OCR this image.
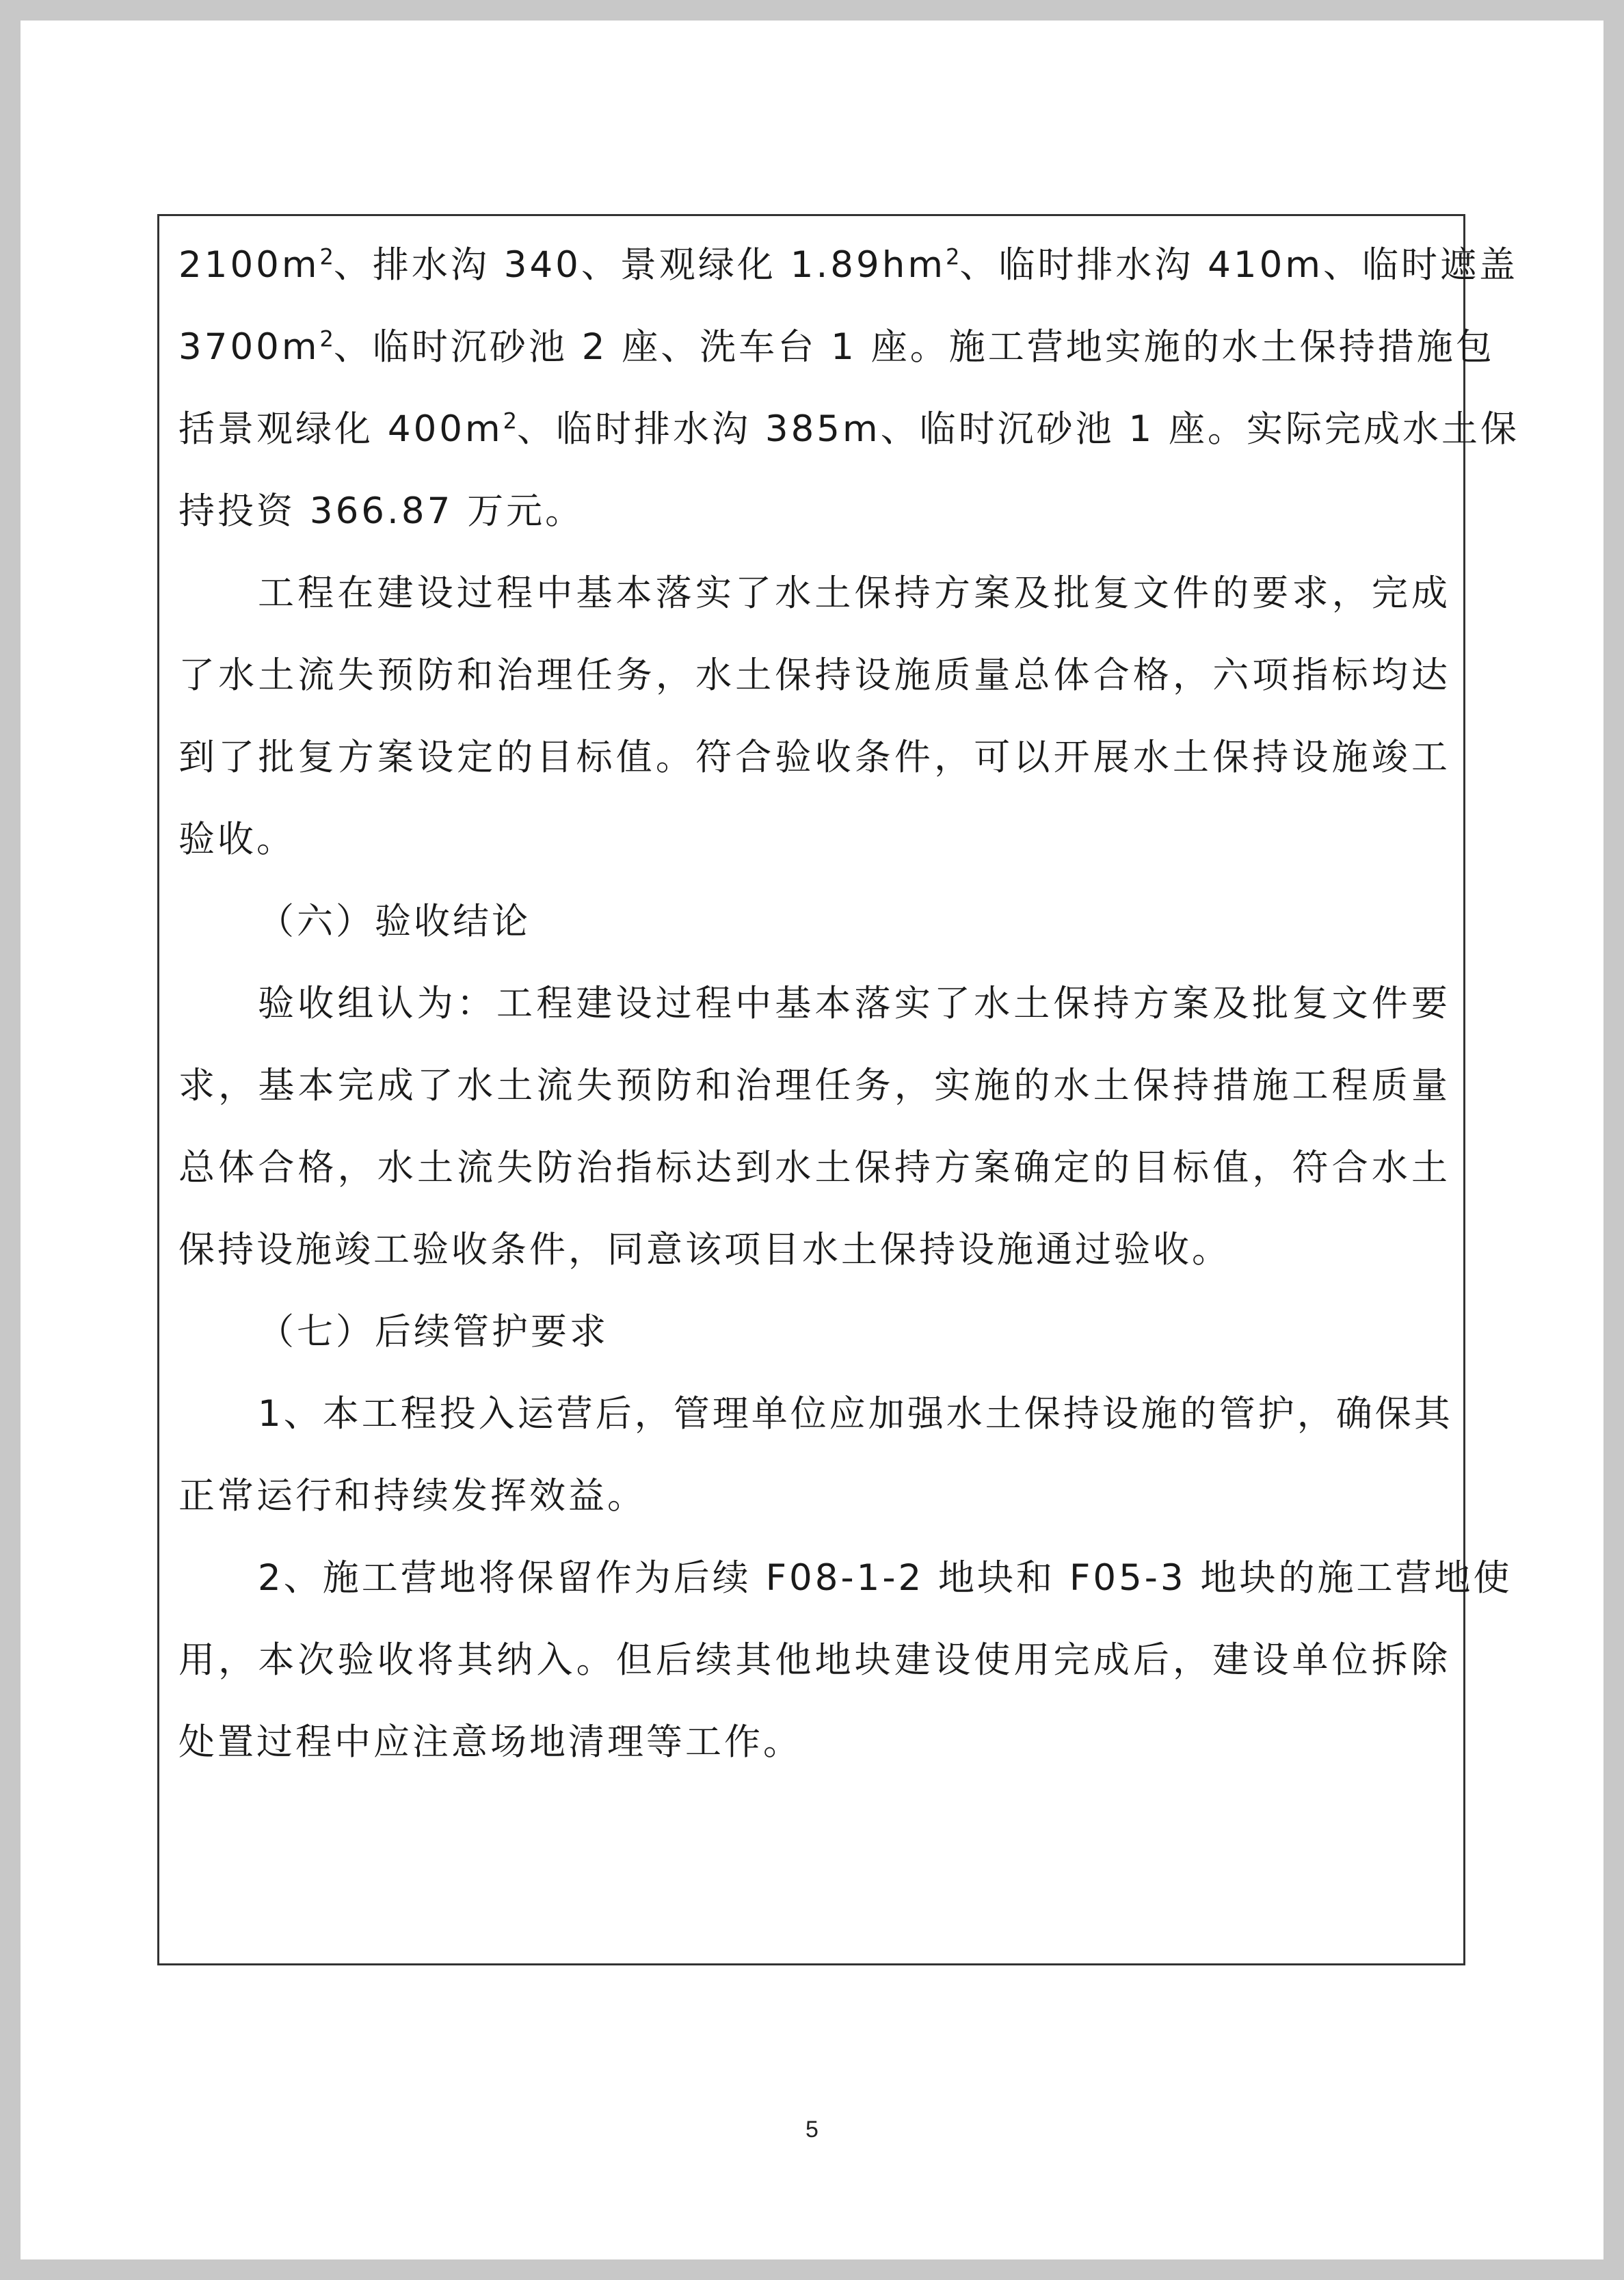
$2100m^2$、排水沟 340、景观绿化 $1.89hm^2$、临时排水沟 410m、临时遮盖
$3700m^2$、临时沉砂池 2 座、洗车台 1 座。施工营地实施的水土保持措施包
括景观绿化 $400m^2$、临时排水沟 385m、临时沉砂池 1 座。实际完成水土保
持投资 366.87 万元。
工程在建设过程中基本落实了水土保持方案及批复文件的要求，完成
了水土流失预防和治理任务，水土保持设施质量总体合格，六项指标均达
到了批复方案设定的目标值。符合验收条件，可以开展水土保持设施竣工
验收。
（六）验收结论
验收组认为：工程建设过程中基本落实了水土保持方案及批复文件要
求，基本完成了水土流失预防和治理任务，实施的水土保持措施工程质量
总体合格，水土流失防治指标达到水土保持方案确定的目标值，符合水土
保持设施竣工验收条件，同意该项目水土保持设施通过验收。
（七）后续管护要求
1、本工程投入运营后，管理单位应加强水土保持设施的管护，确保其
正常运行和持续发挥效益。
2、施工营地将保留作为后续 F08-1-2 地块和 F05-3 地块的施工营地使
用，本次验收将其纳入。但后续其他地块建设使用完成后，建设单位拆除
处置过程中应注意场地清理等工作。
5
